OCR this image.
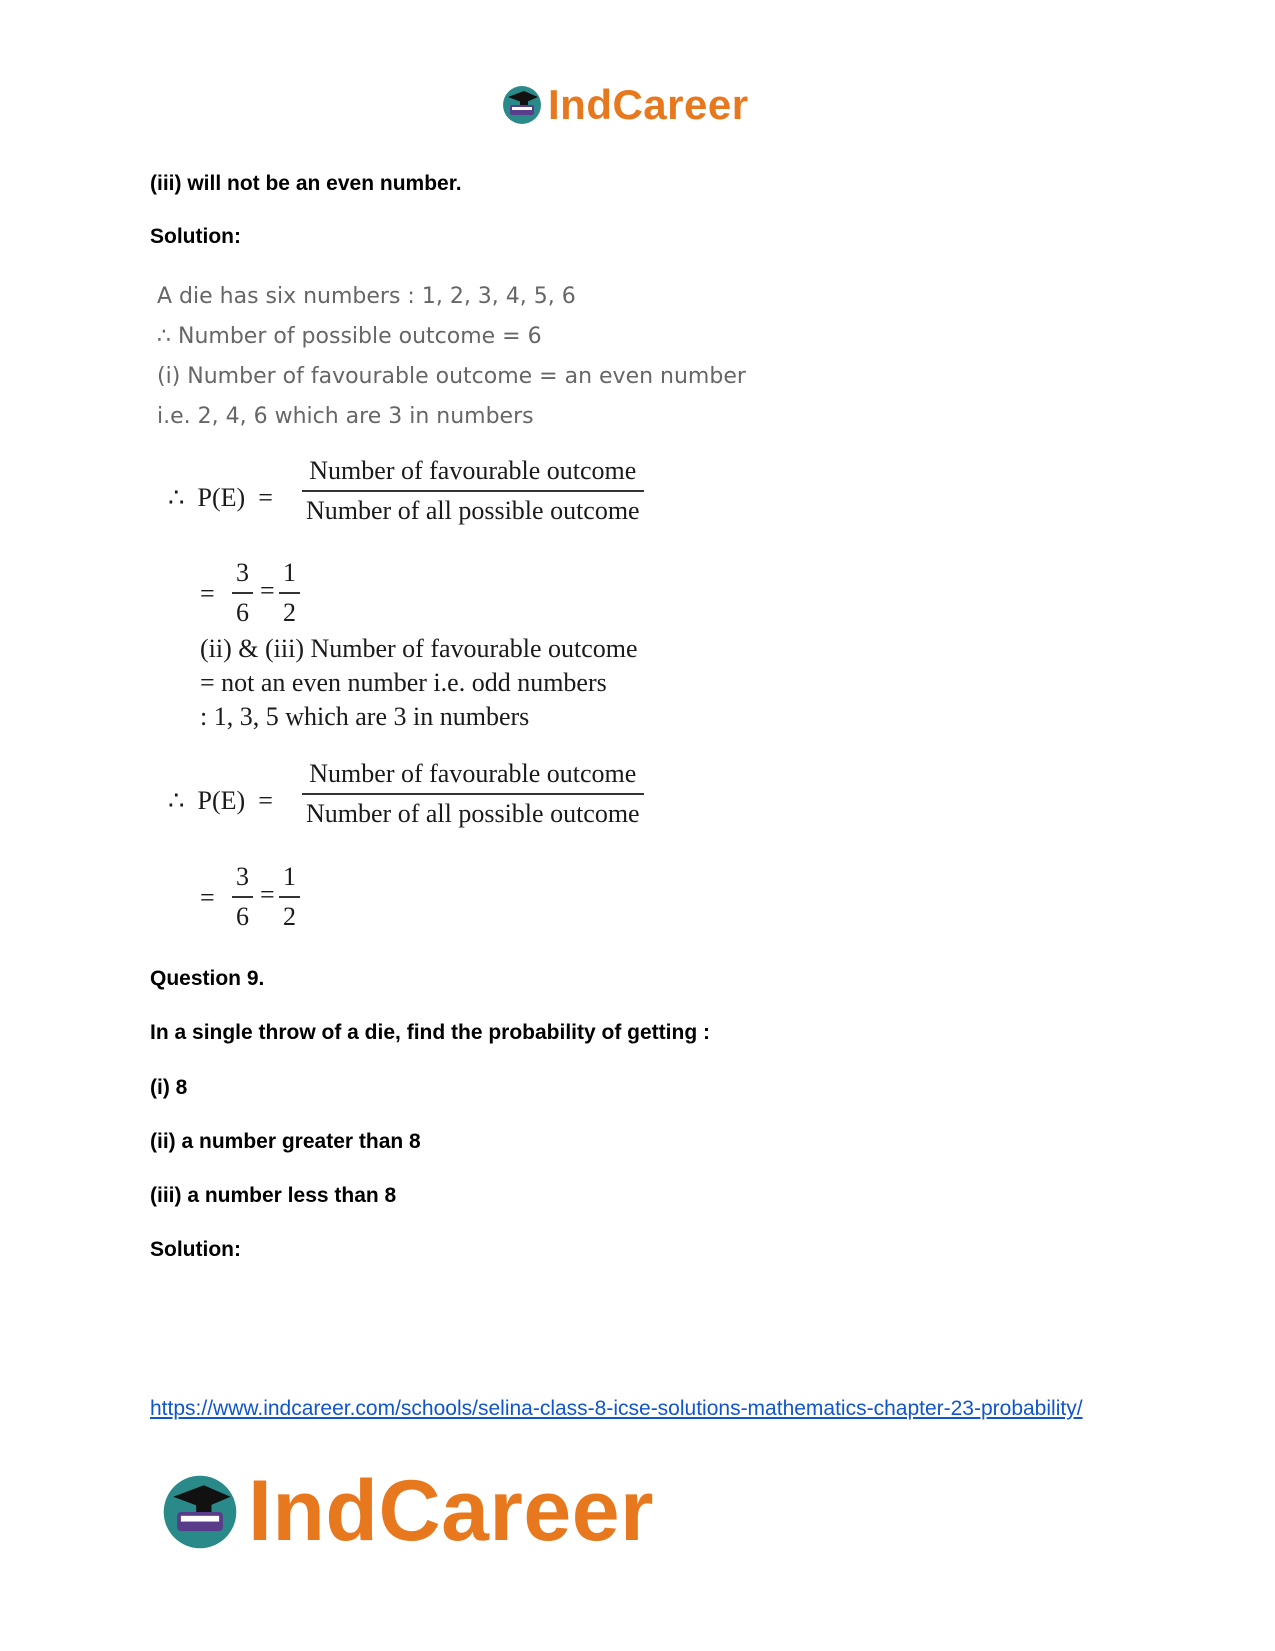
IndCareer

(iii) will not be an even number.

Solution:

A die has six numbers : 1, 2, 3, 4, 5, 6

∴ Number of possible outcome = 6

(i) Number of favourable outcome = an even number

i.e. 2, 4, 6 which are 3 in numbers

∴ P(E) =
Number of favourable outcome
Number of all possible outcome
=
3
6
=
1
2
(ii) & (iii) Number of favourable outcome
= not an even number i.e. odd numbers
: 1, 3, 5 which are 3 in numbers
∴ P(E) =
Number of favourable outcome
Number of all possible outcome
=
3
6
=
1
2

Question 9.

In a single throw of a die, find the probability of getting :

(i) 8

(ii) a number greater than 8

(iii) a number less than 8

Solution:

https://www.indcareer.com/schools/selina-class-8-icse-solutions-mathematics-chapter-23-probability/
IndCareer
